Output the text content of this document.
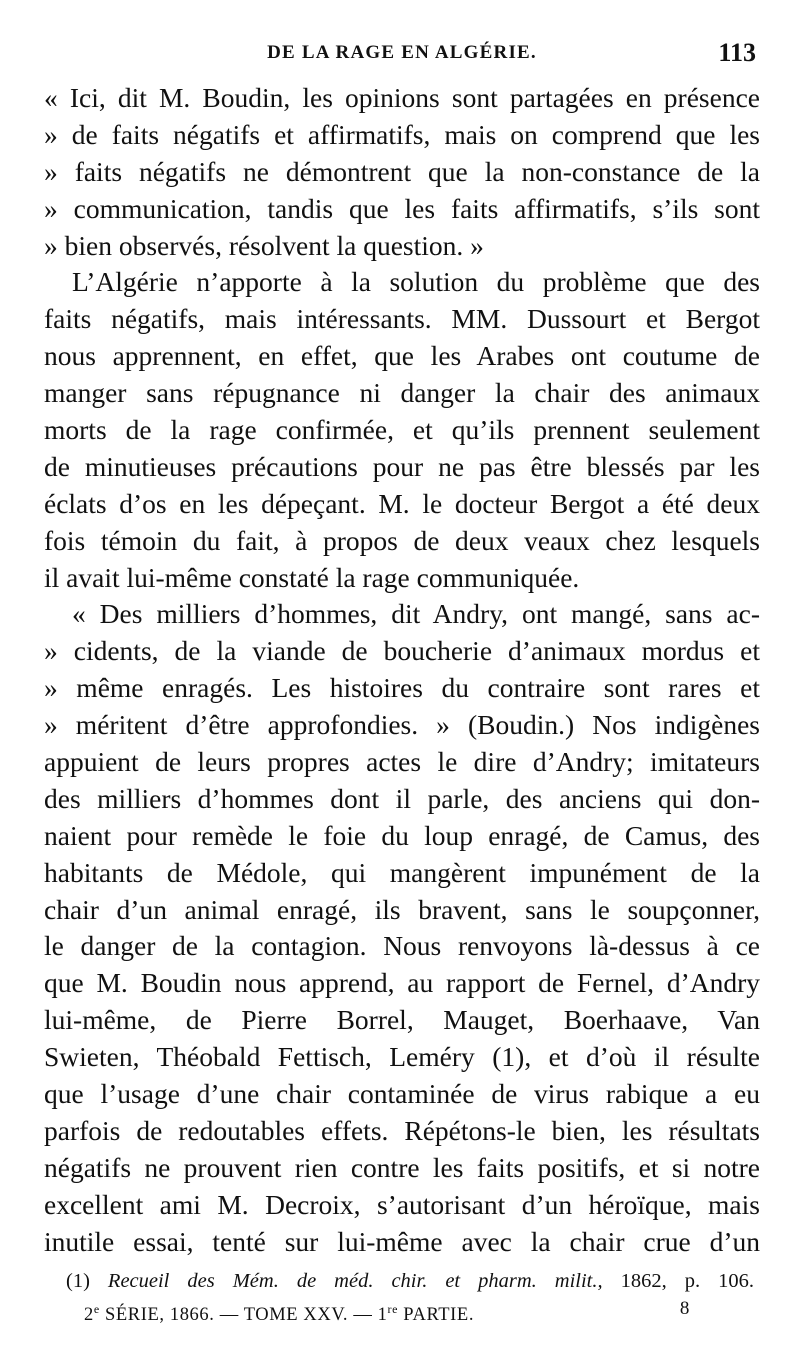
DE LA RAGE EN ALGÉRIE.	113
« Ici, dit M. Boudin, les opinions sont partagées en présence
» de faits négatifs et affirmatifs, mais on comprend que les
» faits négatifs ne démontrent que la non-constance de la
» communication, tandis que les faits affirmatifs, s’ils sont
» bien observés, résolvent la question. »
L’Algérie n’apporte à la solution du problème que des
faits négatifs, mais intéressants. MM. Dussourt et Bergot
nous apprennent, en effet, que les Arabes ont coutume de
manger sans répugnance ni danger la chair des animaux
morts de la rage confirmée, et qu’ils prennent seulement
de minutieuses précautions pour ne pas être blessés par les
éclats d’os en les dépeçant. M. le docteur Bergot a été deux
fois témoin du fait, à propos de deux veaux chez lesquels
il avait lui-même constaté la rage communiquée.
« Des milliers d’hommes, dit Andry, ont mangé, sans ac-
» cidents, de la viande de boucherie d’animaux mordus et
» même enragés. Les histoires du contraire sont rares et
» méritent d’être approfondies. » (Boudin.) Nos indigènes
appuient de leurs propres actes le dire d’Andry; imitateurs
des milliers d’hommes dont il parle, des anciens qui don-
naient pour remède le foie du loup enragé, de Camus, des
habitants de Médole, qui mangèrent impunément de la
chair d’un animal enragé, ils bravent, sans le soupçonner,
le danger de la contagion. Nous renvoyons là-dessus à ce
que M. Boudin nous apprend, au rapport de Fernel, d’Andry
lui-même, de Pierre Borrel, Mauget, Boerhaave, Van
Swieten, Théobald Fettisch, Leméry (1), et d’où il résulte
que l’usage d’une chair contaminée de virus rabique a eu
parfois de redoutables effets. Répétons-le bien, les résultats
négatifs ne prouvent rien contre les faits positifs, et si notre
excellent ami M. Decroix, s’autorisant d’un héroïque, mais
inutile essai, tenté sur lui-même avec la chair crue d’un
(1) Recueil des Mém. de méd. chir. et pharm. milit., 1862, p. 106.
2e SÉRIE, 1866. — TOME XXV. — 1re PARTIE.	8
